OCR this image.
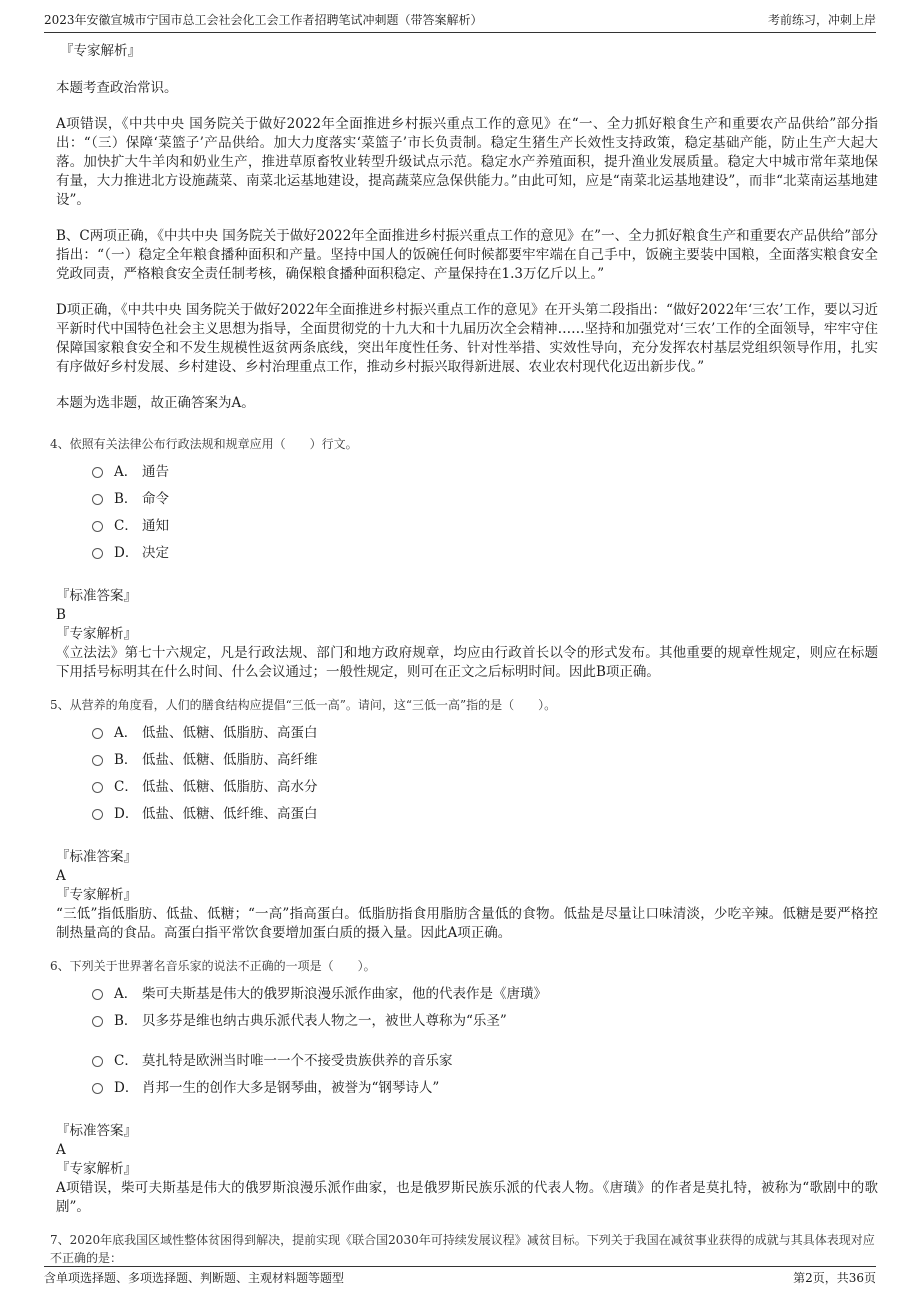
2023年安徽宣城市宁国市总工会社会化工会工作者招聘笔试冲刺题（带答案解析）	考前练习，冲刺上岸
『专家解析』

本题考查政治常识。

A项错误，《中共中央 国务院关于做好2022年全面推进乡村振兴重点工作的意见》在“一、全力抓好粮食生产和重要农产品供给”部分指出：“（三）保障‘菜篮子’产品供给。加大力度落实‘菜篮子’市长负责制。稳定生猪生产长效性支持政策，稳定基础产能，防止生产大起大落。加快扩大牛羊肉和奶业生产，推进草原畜牧业转型升级试点示范。稳定水产养殖面积，提升渔业发展质量。稳定大中城市常年菜地保有量，大力推进北方设施蔬菜、南菜北运基地建设，提高蔬菜应急保供能力。”由此可知，应是“南菜北运基地建设”，而非“北菜南运基地建设”。

B、C两项正确，《中共中央 国务院关于做好2022年全面推进乡村振兴重点工作的意见》在”一、全力抓好粮食生产和重要农产品供给”部分指出：“（一）稳定全年粮食播种面积和产量。坚持中国人的饭碗任何时候都要牢牢端在自己手中，饭碗主要装中国粮，全面落实粮食安全党政同责，严格粮食安全责任制考核，确保粮食播种面积稳定、产量保持在1.3万亿斤以上。”

D项正确，《中共中央 国务院关于做好2022年全面推进乡村振兴重点工作的意见》在开头第二段指出：“做好2022年‘三农’工作，要以习近平新时代中国特色社会主义思想为指导，全面贯彻党的十九大和十九届历次全会精神……坚持和加强党对‘三农’工作的全面领导，牢牢守住保障国家粮食安全和不发生规模性返贫两条底线，突出年度性任务、针对性举措、实效性导向，充分发挥农村基层党组织领导作用，扎实有序做好乡村发展、乡村建设、乡村治理重点工作，推动乡村振兴取得新进展、农业农村现代化迈出新步伐。”

本题为选非题，故正确答案为A。

4、依照有关法律公布行政法规和规章应用（　　）行文。
A． 通告
B． 命令
C． 通知
D． 决定
『标准答案』
B
『专家解析』

《立法法》第七十六规定，凡是行政法规、部门和地方政府规章，均应由行政首长以令的形式发布。其他重要的规章性规定，则应在标题下用括号标明其在什么时间、什么会议通过；一般性规定，则可在正文之后标明时间。因此B项正确。

5、从营养的角度看，人们的膳食结构应提倡“三低一高”。请问，这“三低一高”指的是（　　）。
A． 低盐、低糖、低脂肪、高蛋白
B． 低盐、低糖、低脂肪、高纤维
C． 低盐、低糖、低脂肪、高水分
D． 低盐、低糖、低纤维、高蛋白
『标准答案』
A
『专家解析』

“三低”指低脂肪、低盐、低糖；“一高”指高蛋白。低脂肪指食用脂肪含量低的食物。低盐是尽量让口味清淡，少吃辛辣。低糖是要严格控制热量高的食品。高蛋白指平常饮食要增加蛋白质的摄入量。因此A项正确。

6、下列关于世界著名音乐家的说法不正确的一项是（　　）。
A． 柴可夫斯基是伟大的俄罗斯浪漫乐派作曲家，他的代表作是《唐璜》
B． 贝多芬是维也纳古典乐派代表人物之一，被世人尊称为“乐圣”
C． 莫扎特是欧洲当时唯一一个不接受贵族供养的音乐家
D． 肖邦一生的创作大多是钢琴曲，被誉为“钢琴诗人”
『标准答案』
A
『专家解析』

A项错误，柴可夫斯基是伟大的俄罗斯浪漫乐派作曲家，也是俄罗斯民族乐派的代表人物。《唐璜》的作者是莫扎特，被称为“歌剧中的歌剧”。

7、2020年底我国区域性整体贫困得到解决，提前实现《联合国2030年可持续发展议程》减贫目标。下列关于我国在减贫事业获得的成就与其具体表现对应不正确的是：
含单项选择题、多项选择题、判断题、主观材料题等题型	第2页，共36页
